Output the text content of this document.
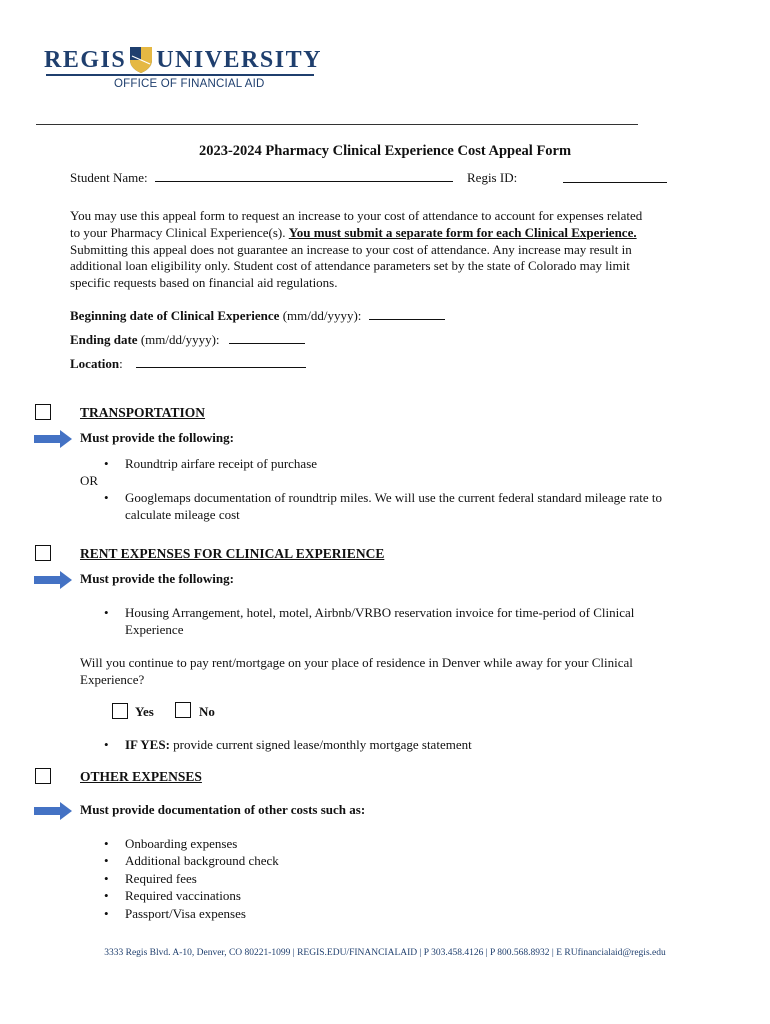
REGIS UNIVERSITY
OFFICE OF FINANCIAL AID
2023-2024 Pharmacy Clinical Experience Cost Appeal Form
Student Name:	Regis ID:
You may use this appeal form to request an increase to your cost of attendance to account for expenses related to your Pharmacy Clinical Experience(s). You must submit a separate form for each Clinical Experience. Submitting this appeal does not guarantee an increase to your cost of attendance. Any increase may result in additional loan eligibility only. Student cost of attendance parameters set by the state of Colorado may limit specific requests based on financial aid regulations.
Beginning date of Clinical Experience (mm/dd/yyyy):
Ending date (mm/dd/yyyy):
Location:
TRANSPORTATION
Must provide the following:
• Roundtrip airfare receipt of purchase
OR
• Googlemaps documentation of roundtrip miles. We will use the current federal standard mileage rate to calculate mileage cost
RENT EXPENSES FOR CLINICAL EXPERIENCE
Must provide the following:
• Housing Arrangement, hotel, motel, Airbnb/VRBO reservation invoice for time-period of Clinical Experience
Will you continue to pay rent/mortgage on your place of residence in Denver while away for your Clinical Experience?
Yes	No
• IF YES: provide current signed lease/monthly mortgage statement
OTHER EXPENSES
Must provide documentation of other costs such as:
• Onboarding expenses
• Additional background check
• Required fees
• Required vaccinations
• Passport/Visa expenses
3333 Regis Blvd. A-10, Denver, CO 80221-1099 | REGIS.EDU/FINANCIALAID | P 303.458.4126 | P 800.568.8932 | E RUfinancialaid@regis.edu
